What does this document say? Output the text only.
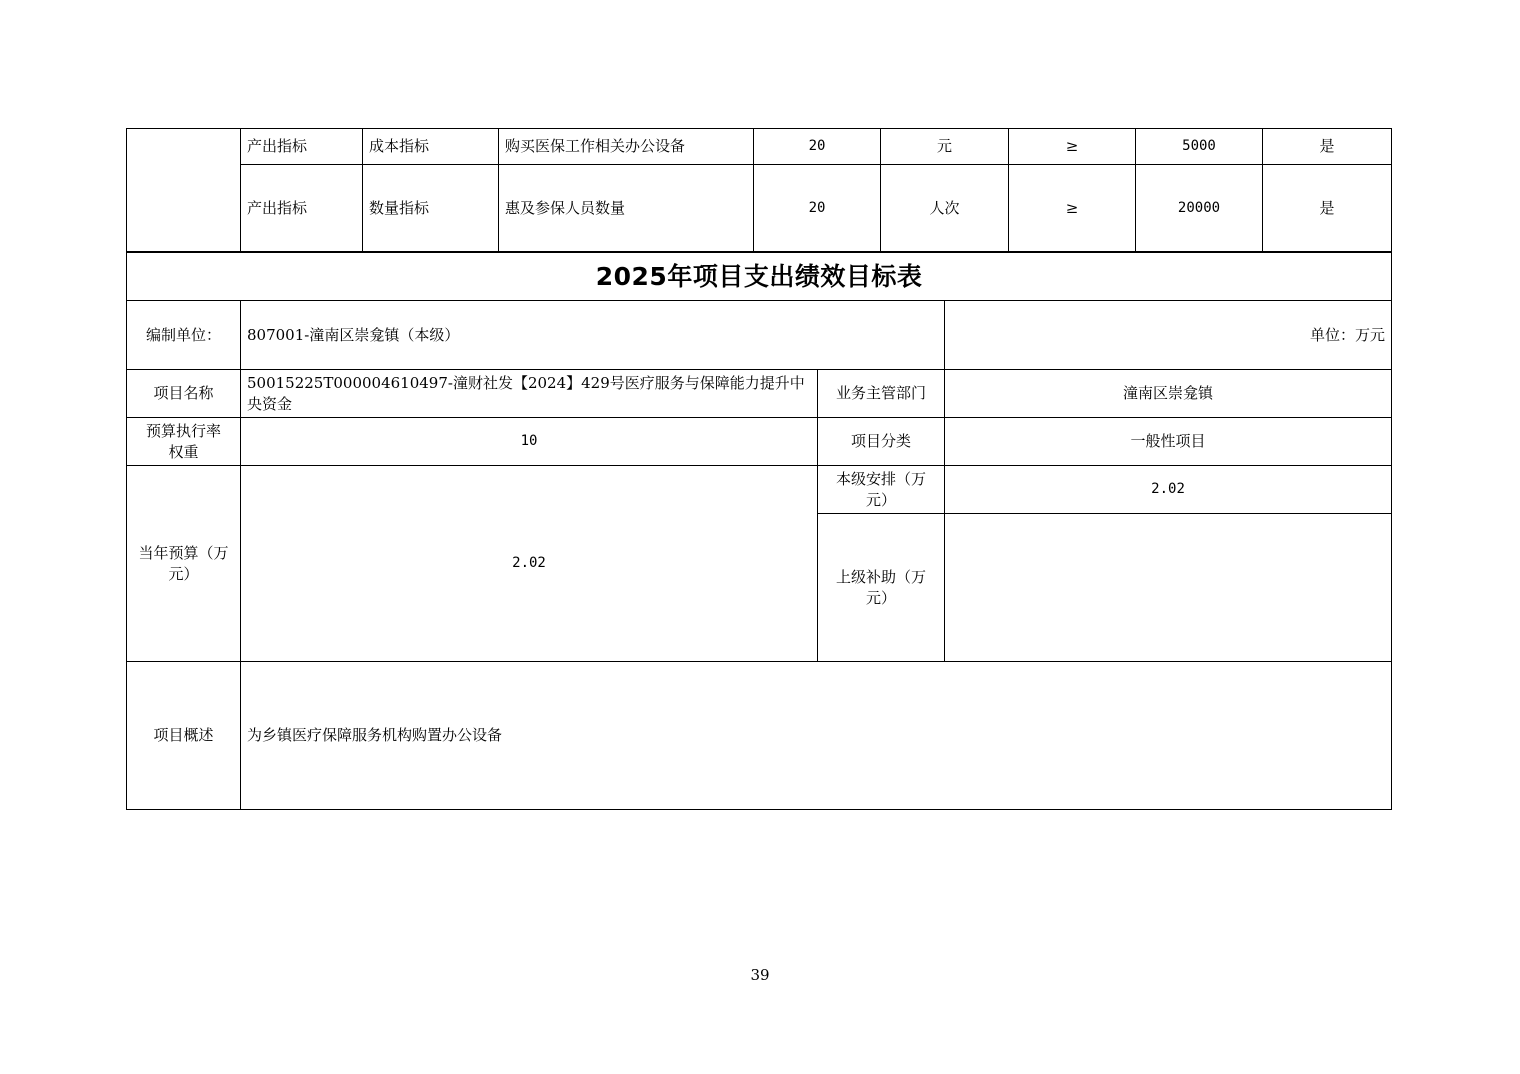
	产出指标	成本指标	购买医保工作相关办公设备	20	元	≥	5000	是
	产出指标	数量指标	惠及参保人员数量	20	人次	≥	20000	是
2025年项目支出绩效目标表			
编制单位：	807001-潼南区崇龛镇（本级）		单位：万元
项目名称	50015225T000004610497-潼财社发【2024】429号医疗服务与保障能力提升中央资金	业务主管部门	潼南区崇龛镇
预算执行率权重	10	项目分类	一般性项目
当年预算（万元）	2.02	本级安排（万元）	2.02
		上级补助（万元）	
项目概述	为乡镇医疗保障服务机构购置办公设备		
39
